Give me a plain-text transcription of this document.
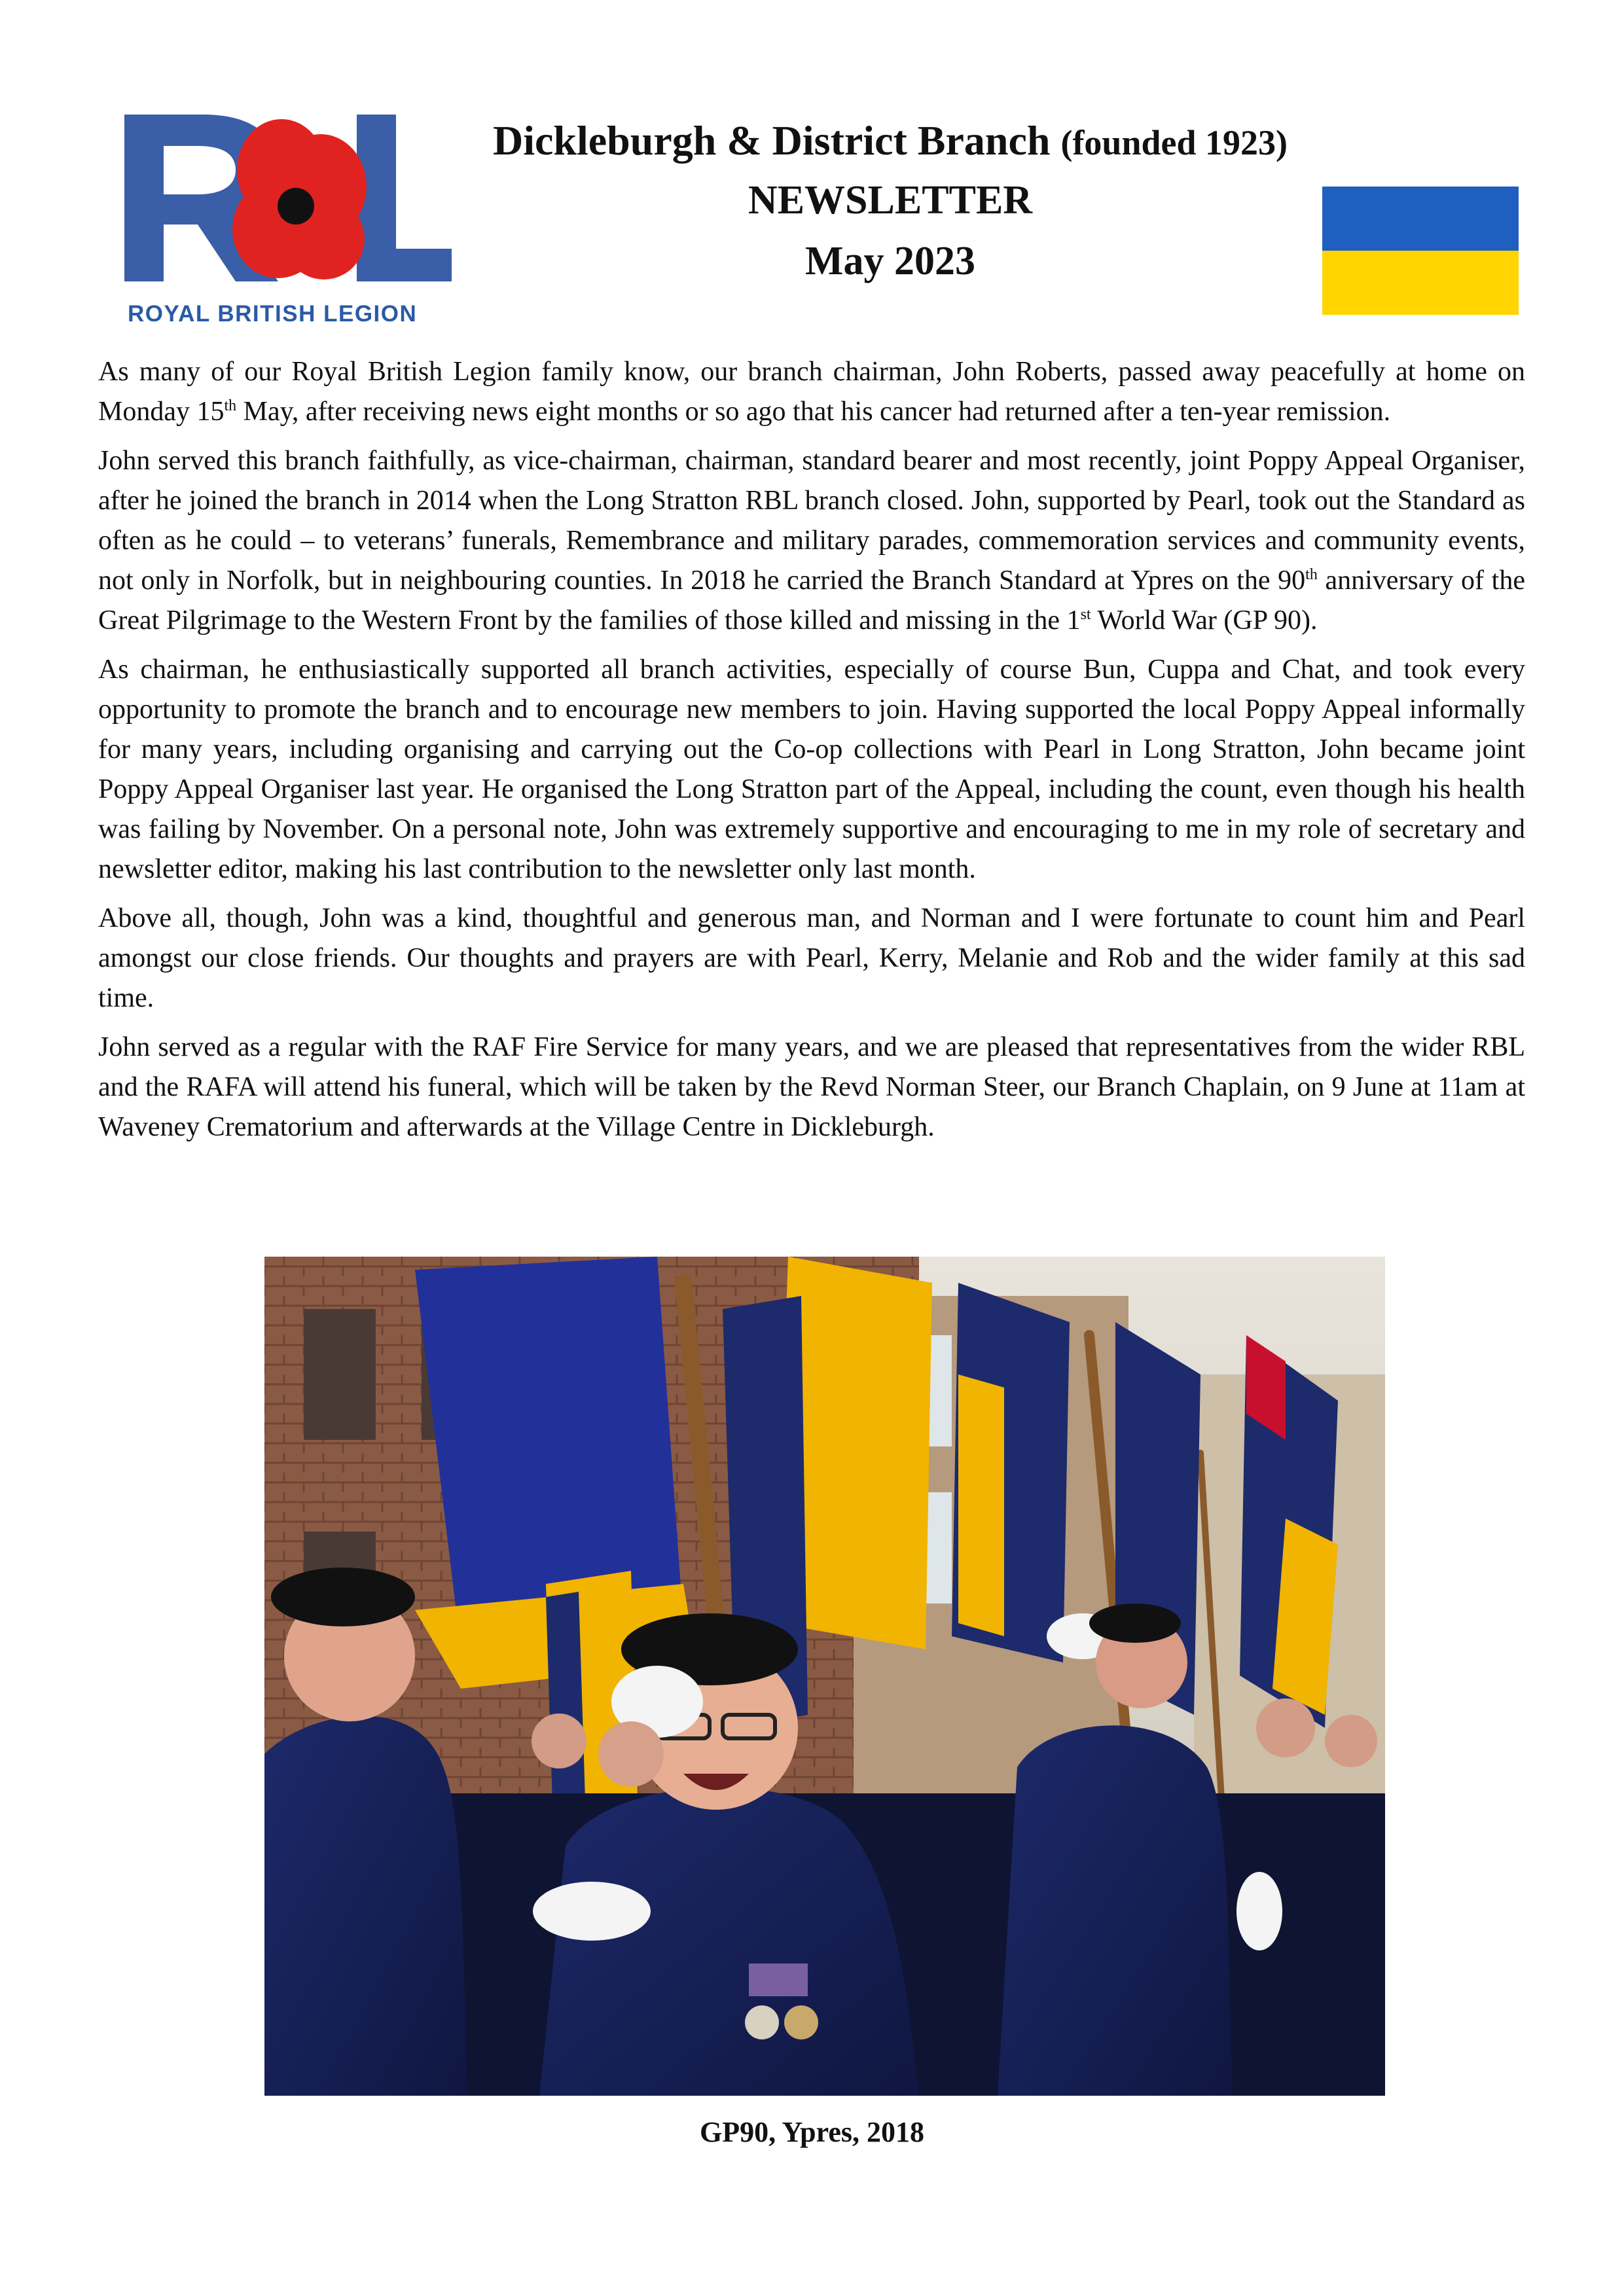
ROYAL BRITISH LEGION
Dickleburgh & District Branch (founded 1923)
NEWSLETTER
May 2023

As many of our Royal British Legion family know, our branch chairman, John Roberts, passed away peacefully at home on Monday 15th May, after receiving news eight months or so ago that his cancer had returned after a ten-year remission.

John served this branch faithfully, as vice-chairman, chairman, standard bearer and most recently, joint Poppy Appeal Organiser, after he joined the branch in 2014 when the Long Stratton RBL branch closed. John, supported by Pearl, took out the Standard as often as he could – to veterans’ funerals, Remembrance and military parades, commemoration services and community events, not only in Norfolk, but in neighbouring counties. In 2018 he carried the Branch Standard at Ypres on the 90th anniversary of the Great Pilgrimage to the Western Front by the families of those killed and missing in the 1st World War (GP 90).

As chairman, he enthusiastically supported all branch activities, especially of course Bun, Cuppa and Chat, and took every opportunity to promote the branch and to encourage new members to join. Having supported the local Poppy Appeal informally for many years, including organising and carrying out the Co-op collections with Pearl in Long Stratton, John became joint Poppy Appeal Organiser last year. He organised the Long Stratton part of the Appeal, including the count, even though his health was failing by November. On a personal note, John was extremely supportive and encouraging to me in my role of secretary and newsletter editor, making his last contribution to the newsletter only last month.

Above all, though, John was a kind, thoughtful and generous man, and Norman and I were fortunate to count him and Pearl amongst our close friends. Our thoughts and prayers are with Pearl, Kerry, Melanie and Rob and the wider family at this sad time.

John served as a regular with the RAF Fire Service for many years, and we are pleased that representatives from the wider RBL and the RAFA will attend his funeral, which will be taken by the Revd Norman Steer, our Branch Chaplain, on 9 June at 11am at Waveney Crematorium and afterwards at the Village Centre in Dickleburgh.

GP90, Ypres, 2018
